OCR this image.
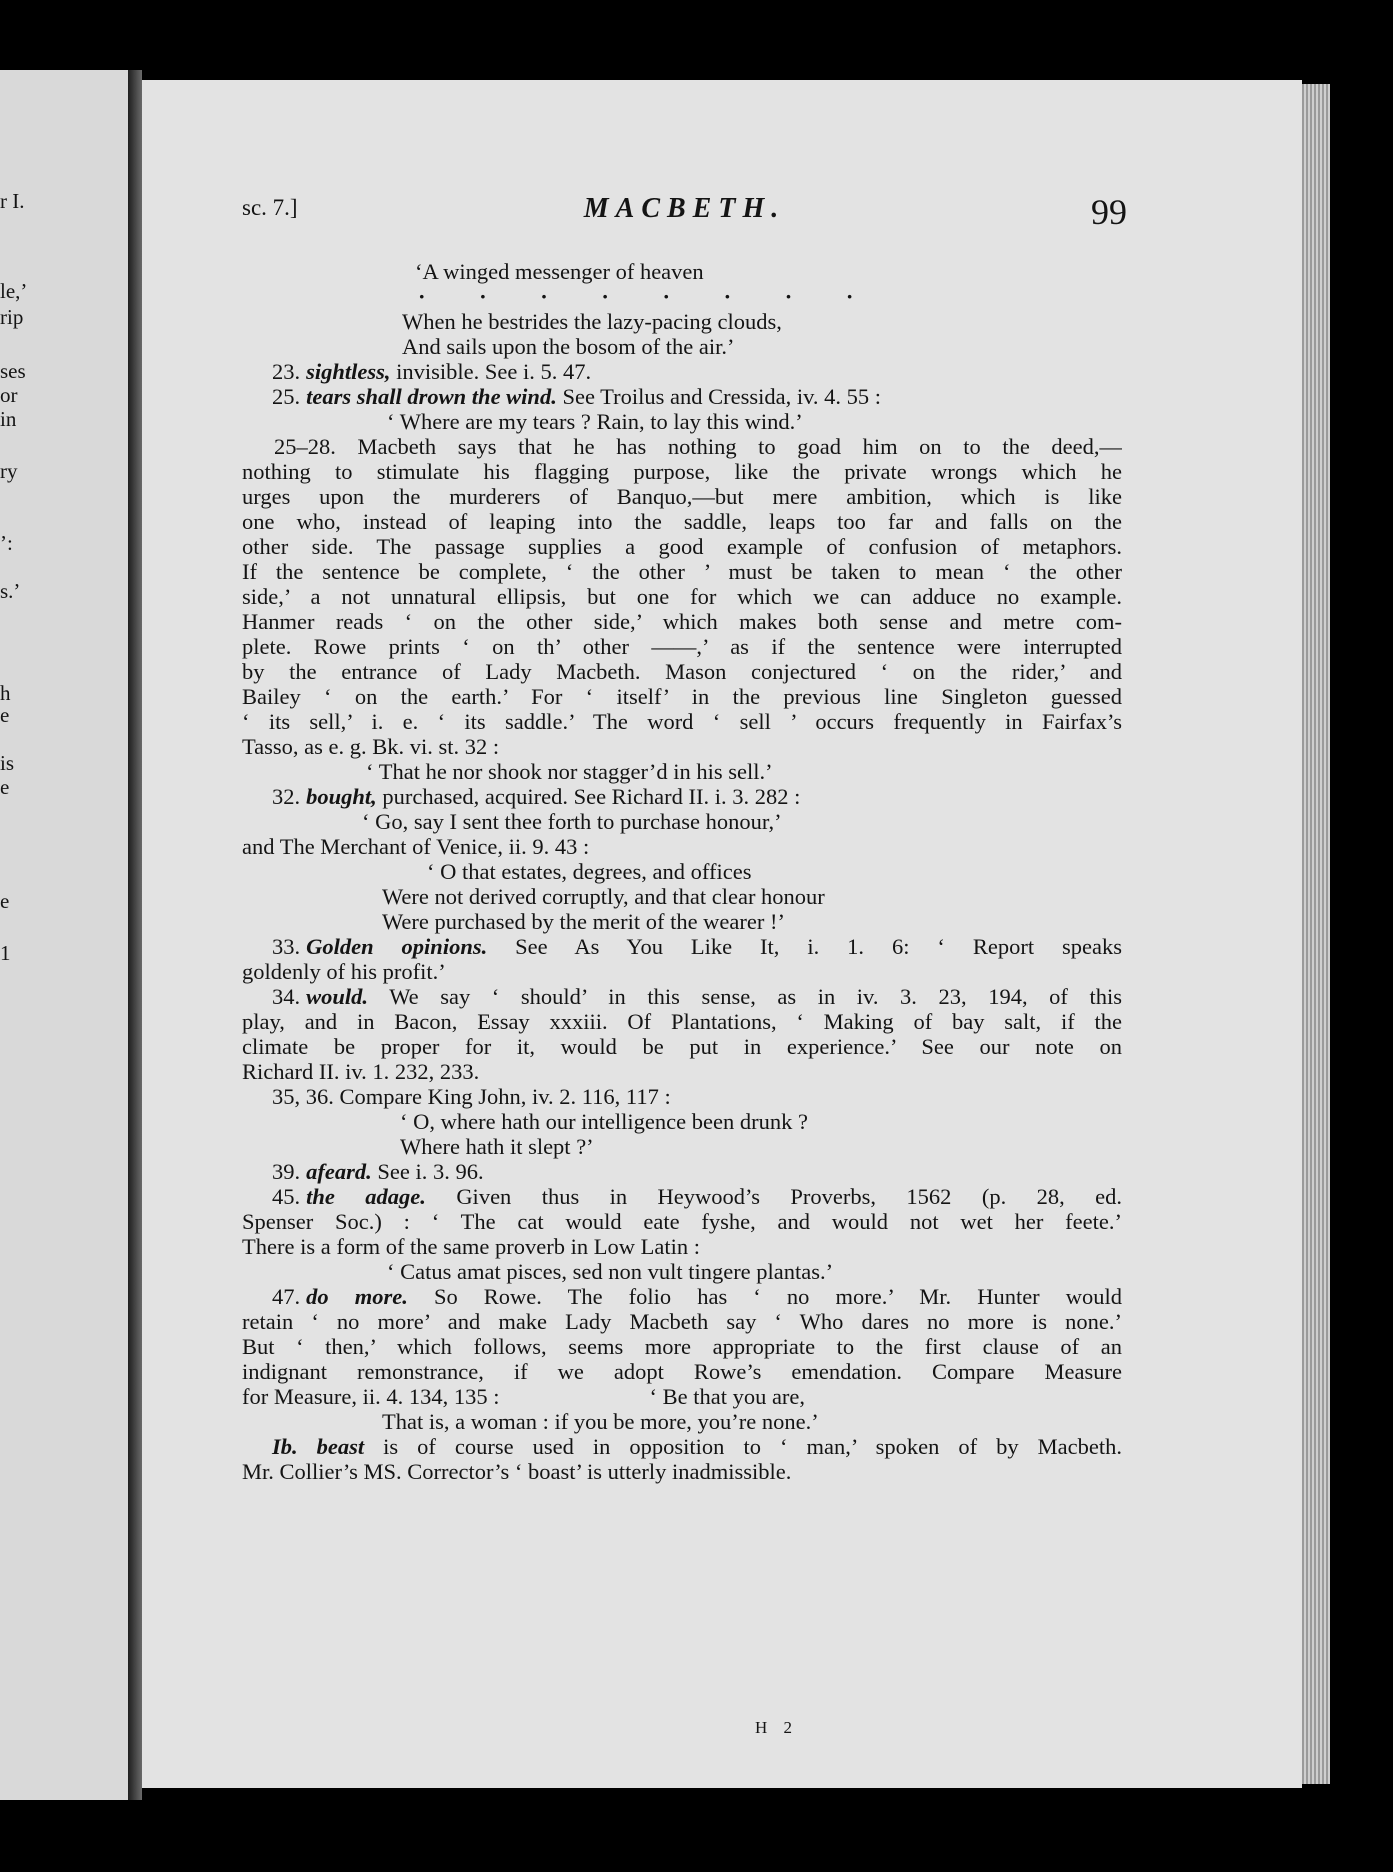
r I.
le,’
rip
ses
or
in
ry
’:
s.’
h
e
is
e
e
1
sc. 7.]	MACBETH.	99

‘A winged messenger of heaven

· · · · · · · ·

When he bestrides the lazy-pacing clouds,

And sails upon the bosom of the air.’

23. sightless, invisible. See i. 5. 47.

25. tears shall drown the wind. See Troilus and Cressida, iv. 4. 55 :

‘ Where are my tears ? Rain, to lay this wind.’

25–28. Macbeth says that he has nothing to goad him on to the deed,—

nothing to stimulate his flagging purpose, like the private wrongs which he

urges upon the murderers of Banquo,—but mere ambition, which is like

one who, instead of leaping into the saddle, leaps too far and falls on the

other side. The passage supplies a good example of confusion of metaphors.

If the sentence be complete, ‘ the other ’ must be taken to mean ‘ the other

side,’ a not unnatural ellipsis, but one for which we can adduce no example.

Hanmer reads ‘ on the other side,’ which makes both sense and metre com-

plete. Rowe prints ‘ on th’ other ——,’ as if the sentence were interrupted

by the entrance of Lady Macbeth. Mason conjectured ‘ on the rider,’ and

Bailey ‘ on the earth.’ For ‘ itself’ in the previous line Singleton guessed

‘ its sell,’ i. e. ‘ its saddle.’ The word ‘ sell ’ occurs frequently in Fairfax’s

Tasso, as e. g. Bk. vi. st. 32 :

‘ That he nor shook nor stagger’d in his sell.’

32. bought, purchased, acquired. See Richard II. i. 3. 282 :

‘ Go, say I sent thee forth to purchase honour,’

and The Merchant of Venice, ii. 9. 43 :

‘ O that estates, degrees, and offices

Were not derived corruptly, and that clear honour

Were purchased by the merit of the wearer !’

33. Golden opinions. See As You Like It, i. 1. 6: ‘ Report speaks

goldenly of his profit.’

34. would. We say ‘ should’ in this sense, as in iv. 3. 23, 194, of this

play, and in Bacon, Essay xxxiii. Of Plantations, ‘ Making of bay salt, if the

climate be proper for it, would be put in experience.’ See our note on

Richard II. iv. 1. 232, 233.

35, 36. Compare King John, iv. 2. 116, 117 :

‘ O, where hath our intelligence been drunk ?

Where hath it slept ?’

39. afeard. See i. 3. 96.

45. the adage. Given thus in Heywood’s Proverbs, 1562 (p. 28, ed.

Spenser Soc.) : ‘ The cat would eate fyshe, and would not wet her feete.’

There is a form of the same proverb in Low Latin :

‘ Catus amat pisces, sed non vult tingere plantas.’

47. do more. So Rowe. The folio has ‘ no more.’ Mr. Hunter would

retain ‘ no more’ and make Lady Macbeth say ‘ Who dares no more is none.’

But ‘ then,’ which follows, seems more appropriate to the first clause of an

indignant remonstrance, if we adopt Rowe’s emendation. Compare Measure

for Measure, ii. 4. 134, 135 :	‘ Be that you are,

That is, a woman : if you be more, you’re none.’

Ib. beast is of course used in opposition to ‘ man,’ spoken of by Macbeth.

Mr. Collier’s MS. Corrector’s ‘ boast’ is utterly inadmissible.

H 2
